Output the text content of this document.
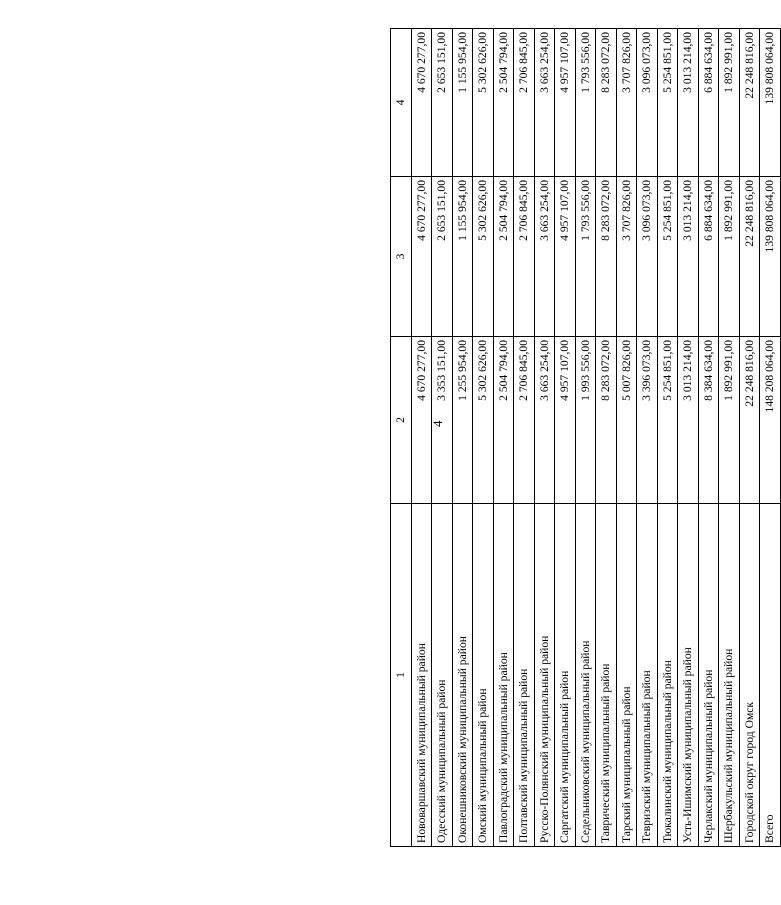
4
1	2	3	4
Нововаршавский муниципальный район	4 670 277,00	4 670 277,00	4 670 277,00
Одесский муниципальный район	3 353 151,00	2 653 151,00	2 653 151,00
Оконешниковский муниципальный район	1 255 954,00	1 155 954,00	1 155 954,00
Омский муниципальный район	5 302 626,00	5 302 626,00	5 302 626,00
Павлоградский муниципальный район	2 504 794,00	2 504 794,00	2 504 794,00
Полтавский муниципальный район	2 706 845,00	2 706 845,00	2 706 845,00
Русско-Полянский муниципальный район	3 663 254,00	3 663 254,00	3 663 254,00
Саргатский муниципальный район	4 957 107,00	4 957 107,00	4 957 107,00
Седельниковский муниципальный район	1 993 556,00	1 793 556,00	1 793 556,00
Таврический муниципальный район	8 283 072,00	8 283 072,00	8 283 072,00
Тарский муниципальный район	5 007 826,00	3 707 826,00	3 707 826,00
Тевризский муниципальный район	3 396 073,00	3 096 073,00	3 096 073,00
Тюкалинский муниципальный район	5 254 851,00	5 254 851,00	5 254 851,00
Усть-Ишимский муниципальный район	3 013 214,00	3 013 214,00	3 013 214,00
Черлакский муниципальный район	8 384 634,00	6 884 634,00	6 884 634,00
Шербакульский муниципальный район	1 892 991,00	1 892 991,00	1 892 991,00
Городской округ город Омск	22 248 816,00	22 248 816,00	22 248 816,00
Всего	148 208 064,00	139 808 064,00	139 808 064,00
